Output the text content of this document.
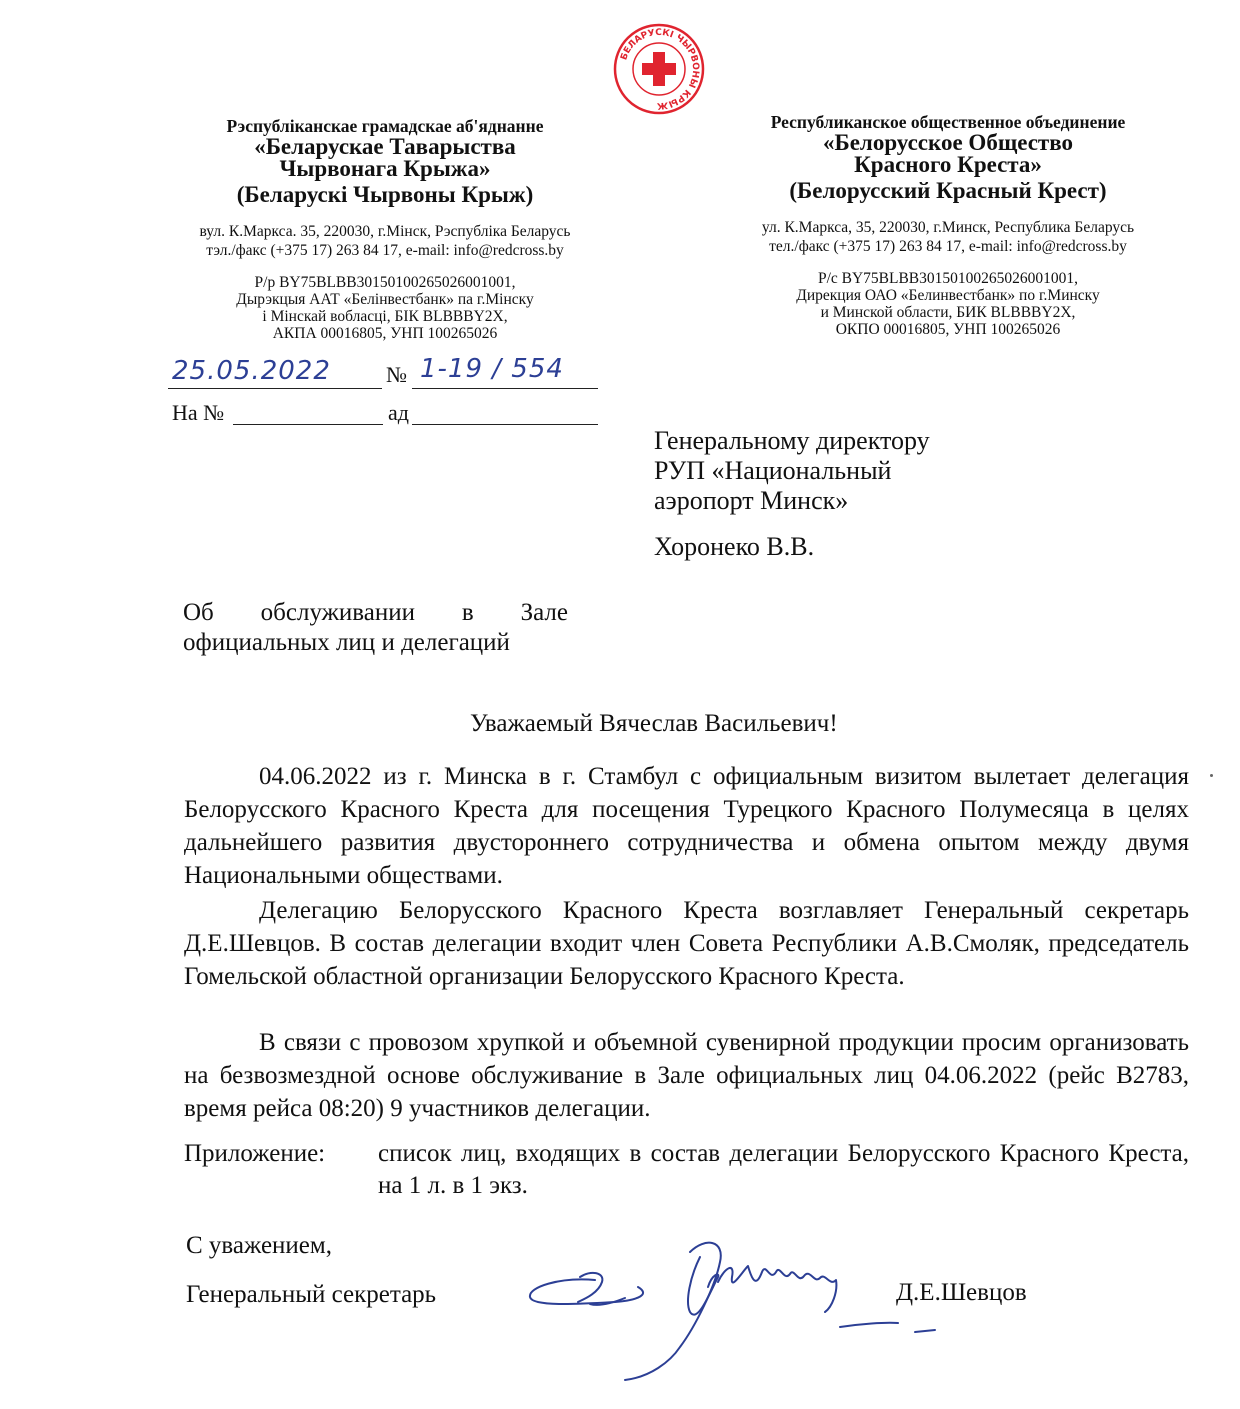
БЕЛАРУСКІ ЧЫРВОНЫ КРЫЖ
Рэспубліканскае грамадскае аб'яднанне
«Беларускае Таварыства
Чырвонага Крыжа»
(Беларускі Чырвоны Крыж)
вул. К.Маркса. 35, 220030, г.Мінск, Рэспубліка Беларусь
тэл./факс (+375 17) 263 84 17, e-mail: info@redcross.by
Р/р BY75BLBB30150100265026001001,
Дырэкцыя ААТ «Белінвестбанк» па г.Мінску
і Мінскай вобласці, БІК BLBBBY2X,
АКПА 00016805, УНП 100265026
Республиканское общественное объединение
«Белорусское Общество
Красного Креста»
(Белорусский Красный Крест)
ул. К.Маркса, 35, 220030, г.Минск, Республика Беларусь
тел./факс (+375 17) 263 84 17, e-mail: info@redcross.by
Р/с BY75BLBB30150100265026001001,
Дирекция ОАО «Белинвестбанк» по г.Минску
и Минской области, БИК BLBBBY2X,
ОКПО 00016805, УНП 100265026
25.05.2022	№ 1-19 / 554
На №	ад
Генеральному директору
РУП «Национальный
аэропорт Минск»
Хоронеко В.В.
Об обслуживании в Зале
официальных лиц и делегаций
Уважаемый Вячеслав Васильевич!
04.06.2022 из г. Минска в г. Стамбул с официальным визитом вылетает делегация Белорусского Красного Креста для посещения Турецкого Красного Полумесяца в целях дальнейшего развития двустороннего сотрудничества и обмена опытом между двумя Национальными обществами.
Делегацию Белорусского Красного Креста возглавляет Генеральный секретарь Д.Е.Шевцов. В состав делегации входит член Совета Республики А.В.Смоляк, председатель Гомельской областной организации Белорусского Красного Креста.
В связи с провозом хрупкой и объемной сувенирной продукции просим организовать на безвозмездной основе обслуживание в Зале официальных лиц 04.06.2022 (рейс B2783, время рейса 08:20) 9 участников делегации.
Приложение: список лиц, входящих в состав делегации Белорусского Красного Креста, на 1 л. в 1 экз.
С уважением,
Генеральный секретарь	Д.Е.Шевцов
